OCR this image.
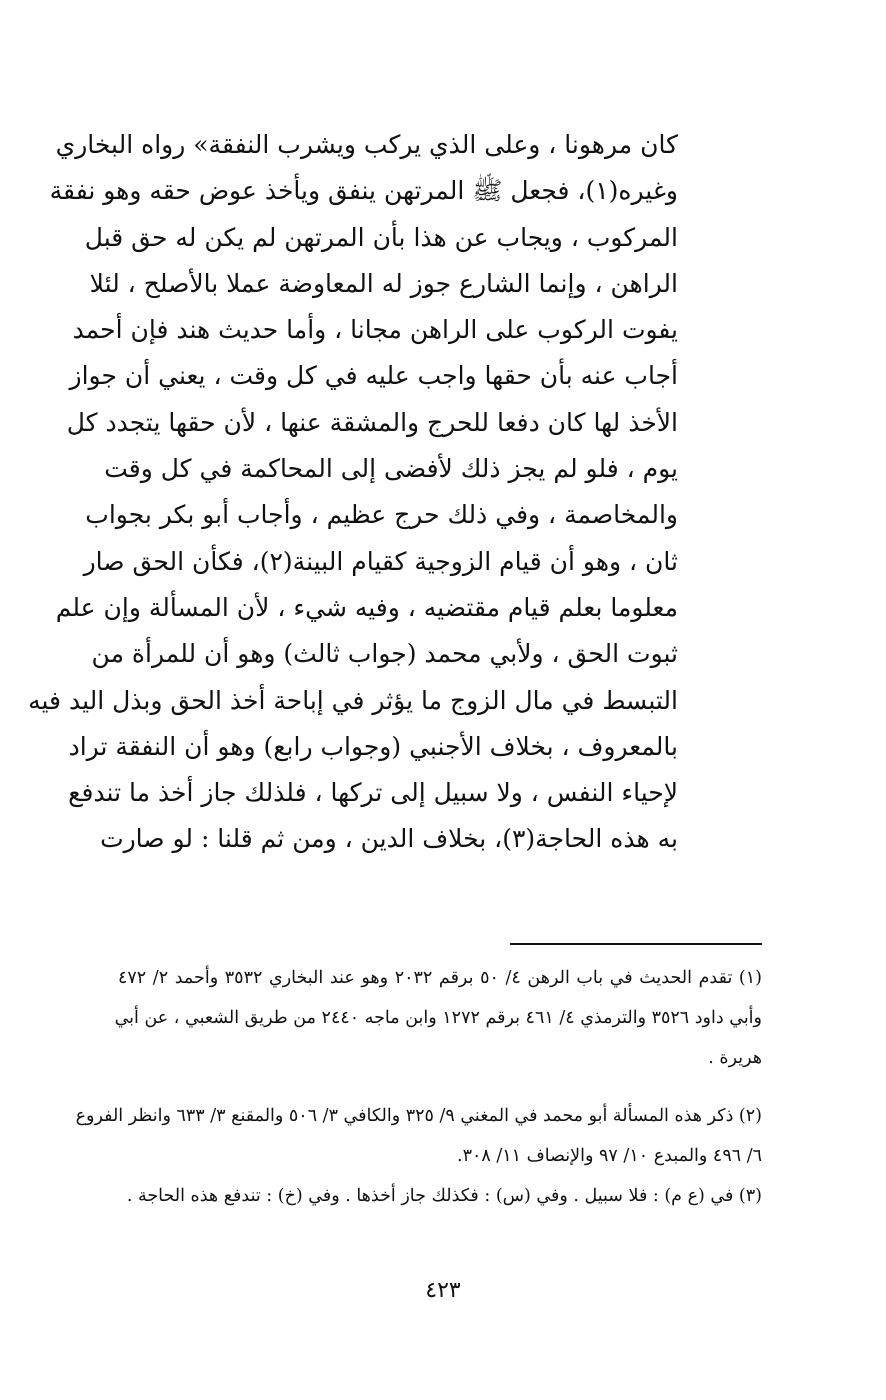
كان مرهونا ، وعلى الذي يركب ويشرب النفقة» رواه البخاري
وغيره(١)، فجعل ﷺ المرتهن ينفق ويأخذ عوض حقه وهو نفقة
المركوب ، ويجاب عن هذا بأن المرتهن لم يكن له حق قبل
الراهن ، وإنما الشارع جوز له المعاوضة عملا بالأصلح ، لئلا
يفوت الركوب على الراهن مجانا ، وأما حديث هند فإن أحمد
أجاب عنه بأن حقها واجب عليه في كل وقت ، يعني أن جواز
الأخذ لها كان دفعا للحرج والمشقة عنها ، لأن حقها يتجدد كل
يوم ، فلو لم يجز ذلك لأفضى إلى المحاكمة في كل وقت
والمخاصمة ، وفي ذلك حرج عظيم ، وأجاب أبو بكر بجواب
ثان ، وهو أن قيام الزوجية كقيام البينة(٢)، فكأن الحق صار
معلوما بعلم قيام مقتضيه ، وفيه شيء ، لأن المسألة وإن علم
ثبوت الحق ، ولأبي محمد (جواب ثالث) وهو أن للمرأة من
التبسط في مال الزوج ما يؤثر في إباحة أخذ الحق وبذل اليد فيه
بالمعروف ، بخلاف الأجنبي (وجواب رابع) وهو أن النفقة تراد
لإحياء النفس ، ولا سبيل إلى تركها ، فلذلك جاز أخذ ما تندفع
به هذه الحاجة(٣)، بخلاف الدين ، ومن ثم قلنا : لو صارت
(١) تقدم الحديث في باب الرهن ٤/ ٥٠ برقم ٢٠٣٢ وهو عند البخاري ٣٥٣٢ وأحمد ٢/ ٤٧٢
وأبي داود ٣٥٢٦ والترمذي ٤/ ٤٦١ برقم ١٢٧٢ وابن ماجه ٢٤٤٠ من طريق الشعبي ، عن أبي
هريرة .
(٢) ذكر هذه المسألة أبو محمد في المغني ٩/ ٣٢٥ والكافي ٣/ ٥٠٦ والمقنع ٣/ ٦٣٣ وانظر الفروع
٦/ ٤٩٦ والمبدع ١٠/ ٩٧ والإنصاف ١١/ ٣٠٨.
(٣) في (ع م) : فلا سبيل . وفي (س) : فكذلك جاز أخذها . وفي (خ) : تندفع هذه الحاجة .
٤٢٣
